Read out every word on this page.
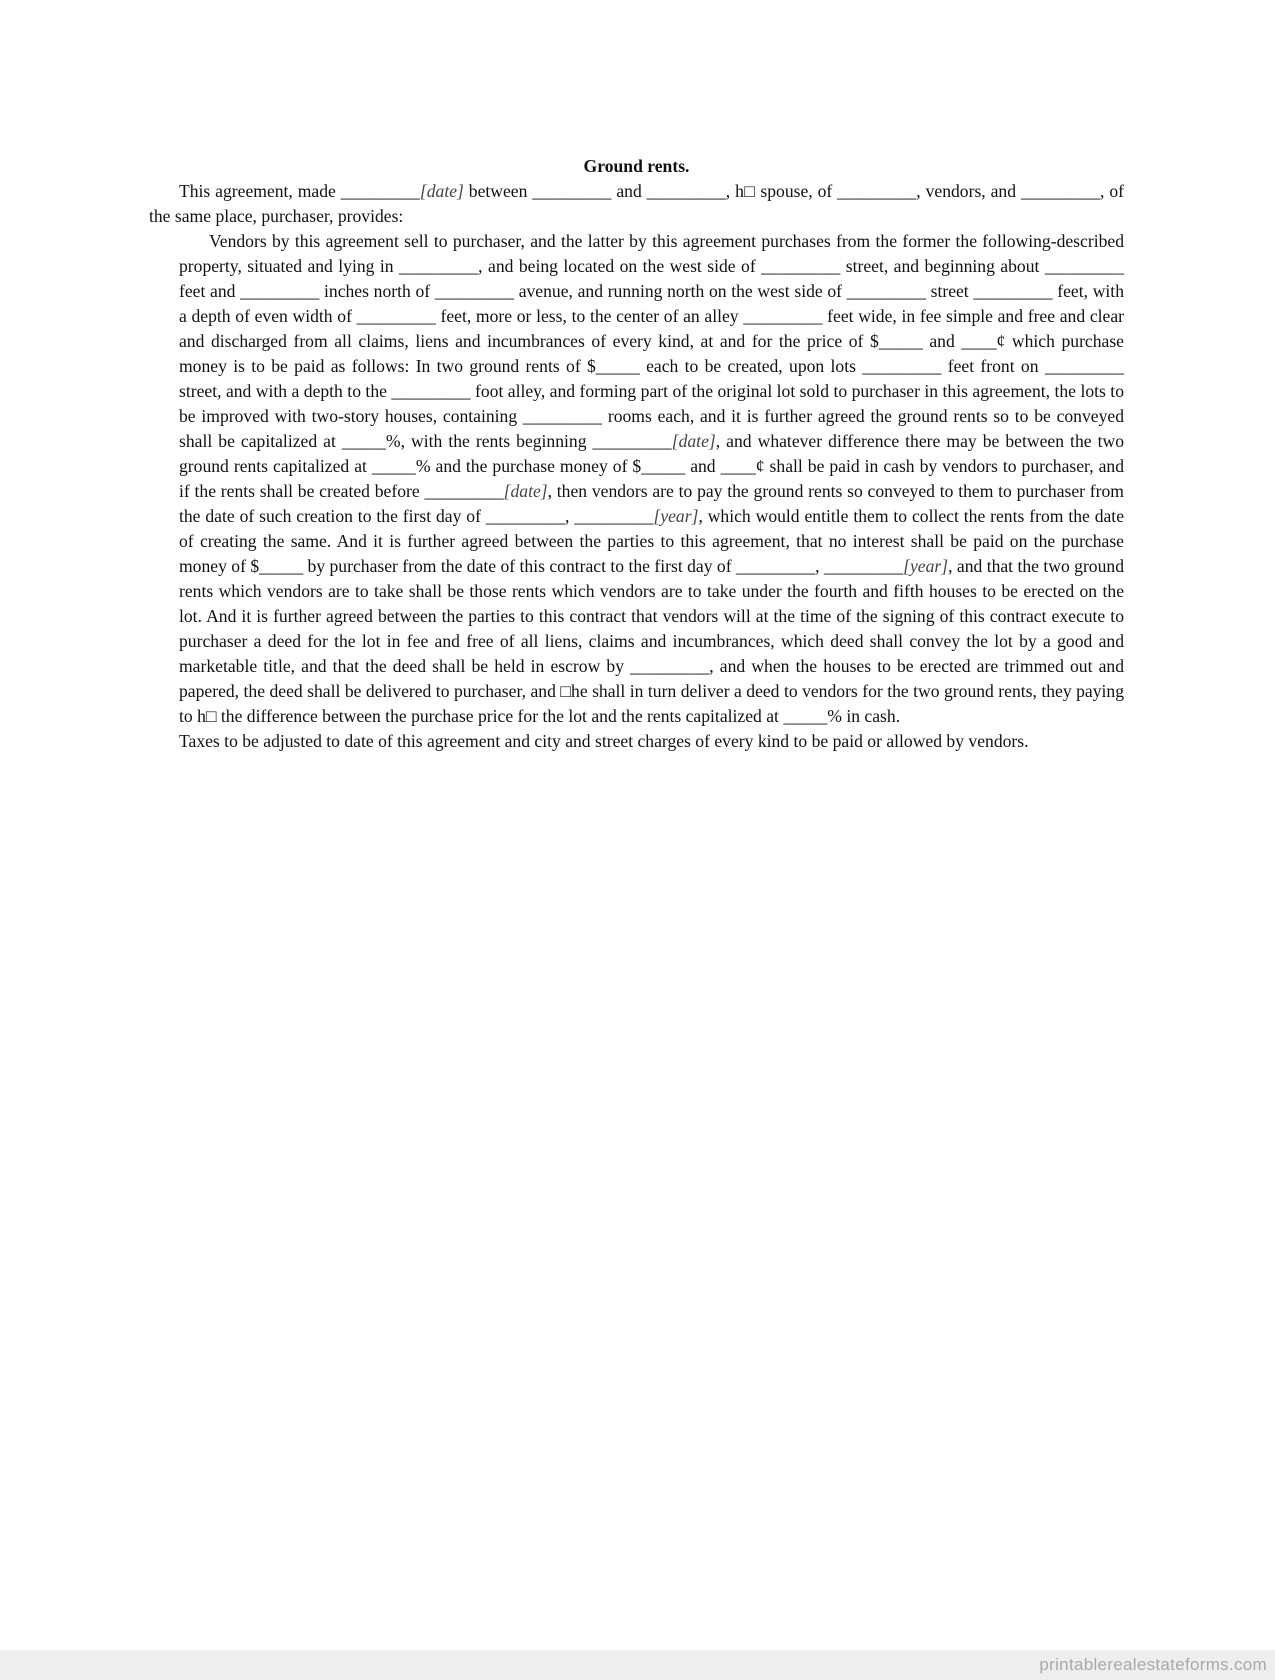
Ground rents.

This agreement, made _________[date] between _________ and _________, h□ spouse, of _________, vendors, and _________, of the same place, purchaser, provides:

Vendors by this agreement sell to purchaser, and the latter by this agreement purchases from the former the following-described property, situated and lying in _________, and being located on the west side of _________ street, and beginning about _________ feet and _________ inches north of _________ avenue, and running north on the west side of _________ street _________ feet, with a depth of even width of _________ feet, more or less, to the center of an alley _________ feet wide, in fee simple and free and clear and discharged from all claims, liens and incumbrances of every kind, at and for the price of $_____ and ____¢ which purchase money is to be paid as follows: In two ground rents of $_____ each to be created, upon lots _________ feet front on _________ street, and with a depth to the _________ foot alley, and forming part of the original lot sold to purchaser in this agreement, the lots to be improved with two-story houses, containing _________ rooms each, and it is further agreed the ground rents so to be conveyed shall be capitalized at _____%, with the rents beginning _________[date], and whatever difference there may be between the two ground rents capitalized at _____% and the purchase money of $_____ and ____¢ shall be paid in cash by vendors to purchaser, and if the rents shall be created before _________[date], then vendors are to pay the ground rents so conveyed to them to purchaser from the date of such creation to the first day of _________, _________[year], which would entitle them to collect the rents from the date of creating the same. And it is further agreed between the parties to this agreement, that no interest shall be paid on the purchase money of $_____ by purchaser from the date of this contract to the first day of _________, _________[year], and that the two ground rents which vendors are to take shall be those rents which vendors are to take under the fourth and fifth houses to be erected on the lot. And it is further agreed between the parties to this contract that vendors will at the time of the signing of this contract execute to purchaser a deed for the lot in fee and free of all liens, claims and incumbrances, which deed shall convey the lot by a good and marketable title, and that the deed shall be held in escrow by _________, and when the houses to be erected are trimmed out and papered, the deed shall be delivered to purchaser, and □he shall in turn deliver a deed to vendors for the two ground rents, they paying to h□ the difference between the purchase price for the lot and the rents capitalized at _____% in cash.

Taxes to be adjusted to date of this agreement and city and street charges of every kind to be paid or allowed by vendors.

printablerealestateforms.com
